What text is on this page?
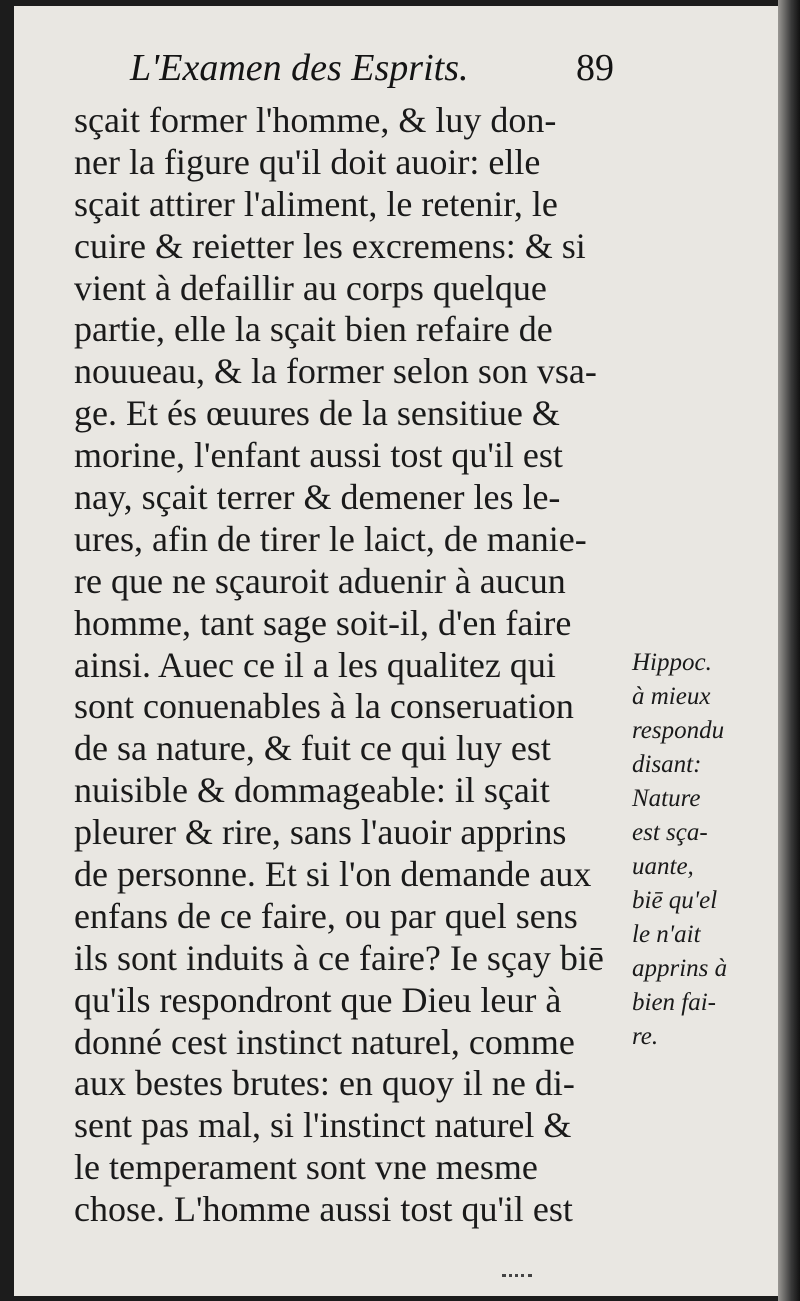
L'Examen des Esprits.	89
sçait former l'homme, & luy don-
ner la figure qu'il doit auoir: elle
sçait attirer l'aliment, le retenir, le
cuire & reietter les excremens: & si
vient à defaillir au corps quelque
partie, elle la sçait bien refaire de
nouueau, & la former selon son vsa-
ge. Et és œuures de la sensitiue &
morine, l'enfant aussi tost qu'il est
nay, sçait terrer & demener les le-
ures, afin de tirer le laict, de manie-
re que ne sçauroit aduenir à aucun
homme, tant sage soit-il, d'en faire
ainsi. Auec ce il a les qualitez qui
sont conuenables à la conseruation
de sa nature, & fuit ce qui luy est
nuisible & dommageable: il sçait
pleurer & rire, sans l'auoir apprins
de personne. Et si l'on demande aux
enfans de ce faire, ou par quel sens
ils sont induits à ce faire? Ie sçay biē
qu'ils respondront que Dieu leur à
donné cest instinct naturel, comme
aux bestes brutes: en quoy il ne di-
sent pas mal, si l'instinct naturel &
le temperament sont vne mesme
chose. L'homme aussi tost qu'il est
Hippoc.
à mieux
respondu
disant:
Nature
est sça-
uante,
biē qu'el
le n'ait
apprins à
bien fai-
re.
